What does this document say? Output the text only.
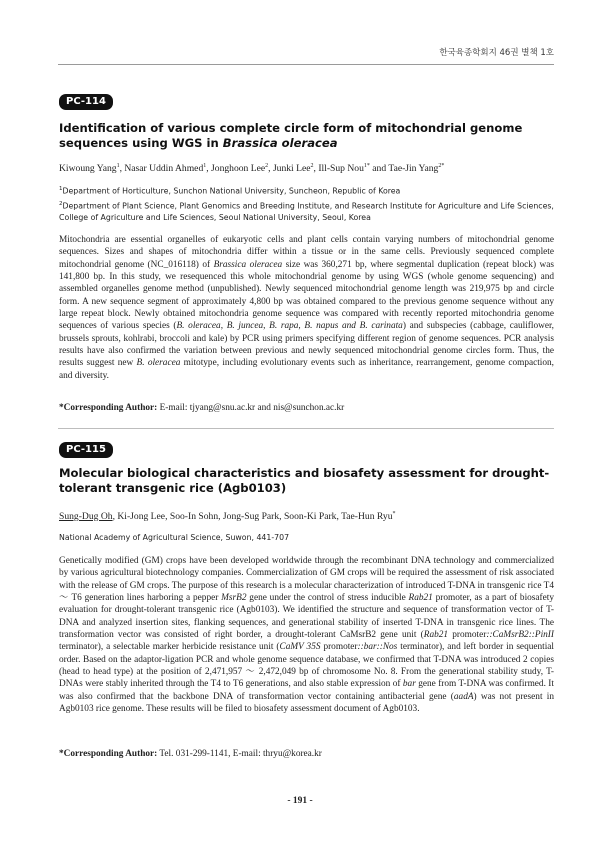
한국육종학회지 46권 별책 1호
PC-114
Identification of various complete circle form of mitochondrial genome sequences using WGS in Brassica oleracea
Kiwoung Yang$^1$, Nasar Uddin Ahmed$^1$, Jonghoon Lee$^2$, Junki Lee$^2$, Ill-Sup Nou$^{1*}$ and Tae-Jin Yang$^{2*}$
$^1$Department of Horticulture, Sunchon National University, Suncheon, Republic of Korea
$^2$Department of Plant Science, Plant Genomics and Breeding Institute, and Research Institute for Agriculture and Life Sciences, College of Agriculture and Life Sciences, Seoul National University, Seoul, Korea

Mitochondria are essential organelles of eukaryotic cells and plant cells contain varying numbers of mitochondrial genome sequences. Sizes and shapes of mitochondria differ within a tissue or in the same cells. Previously sequenced complete mitochondrial genome (NC_016118) of Brassica oleracea size was 360,271 bp, where segmental duplication (repeat block) was 141,800 bp. In this study, we resequenced this whole mitochondrial genome by using WGS (whole genome sequencing) and assembled organelles genome method (unpublished). Newly sequenced mitochondrial genome length was 219,975 bp and circle form. A new sequence segment of approximately 4,800 bp was obtained compared to the previous genome sequence without any large repeat block. Newly obtained mitochondria genome sequence was compared with recently reported mitochondria genome sequences of various species (B. oleracea, B. juncea, B. rapa, B. napus and B. carinata) and subspecies (cabbage, cauliflower, brussels sprouts, kohlrabi, broccoli and kale) by PCR using primers specifying different region of genome sequences. PCR analysis results have also confirmed the variation between previous and newly sequenced mitochondrial genome circles form. Thus, the results suggest new B. oleracea mitotype, including evolutionary events such as inheritance, rearrangement, genome compaction, and diversity.

*Corresponding Author: E-mail: tjyang@snu.ac.kr and nis@sunchon.ac.kr
PC-115
Molecular biological characteristics and biosafety assessment for drought-tolerant transgenic rice (Agb0103)
Sung-Dug Oh, Ki-Jong Lee, Soo-In Sohn, Jong-Sug Park, Soon-Ki Park, Tae-Hun Ryu*
National Academy of Agricultural Science, Suwon, 441-707

Genetically modified (GM) crops have been developed worldwide through the recombinant DNA technology and commercialized by various agricultural biotechnology companies. Commercialization of GM crops will be required the assessment of risk associated with the release of GM crops. The purpose of this research is a molecular characterization of introduced T-DNA in transgenic rice T4 ～ T6 generation lines harboring a pepper MsrB2 gene under the control of stress inducible Rab21 promoter, as a part of biosafety evaluation for drought-tolerant transgenic rice (Agb0103). We identified the structure and sequence of transformation vector of T-DNA and analyzed insertion sites, flanking sequences, and generational stability of inserted T-DNA in transgenic rice lines. The transformation vector was consisted of right border, a drought-tolerant CaMsrB2 gene unit (Rab21 promoter::CaMsrB2::PinII terminator), a selectable marker herbicide resistance unit (CaMV 35S promoter::bar::Nos terminator), and left border in sequential order. Based on the adaptor-ligation PCR and whole genome sequence database, we confirmed that T-DNA was introduced 2 copies (head to head type) at the position of 2,471,957 ～ 2,472,049 bp of chromosome No. 8. From the generational stability study, T-DNAs were stably inherited through the T4 to T6 generations, and also stable expression of bar gene from T-DNA was confirmed. It was also confirmed that the backbone DNA of transformation vector containing antibacterial gene (aadA) was not present in Agb0103 rice genome. These results will be filed to biosafety assessment document of Agb0103.

*Corresponding Author: Tel. 031-299-1141, E-mail: thryu@korea.kr
- 191 -
